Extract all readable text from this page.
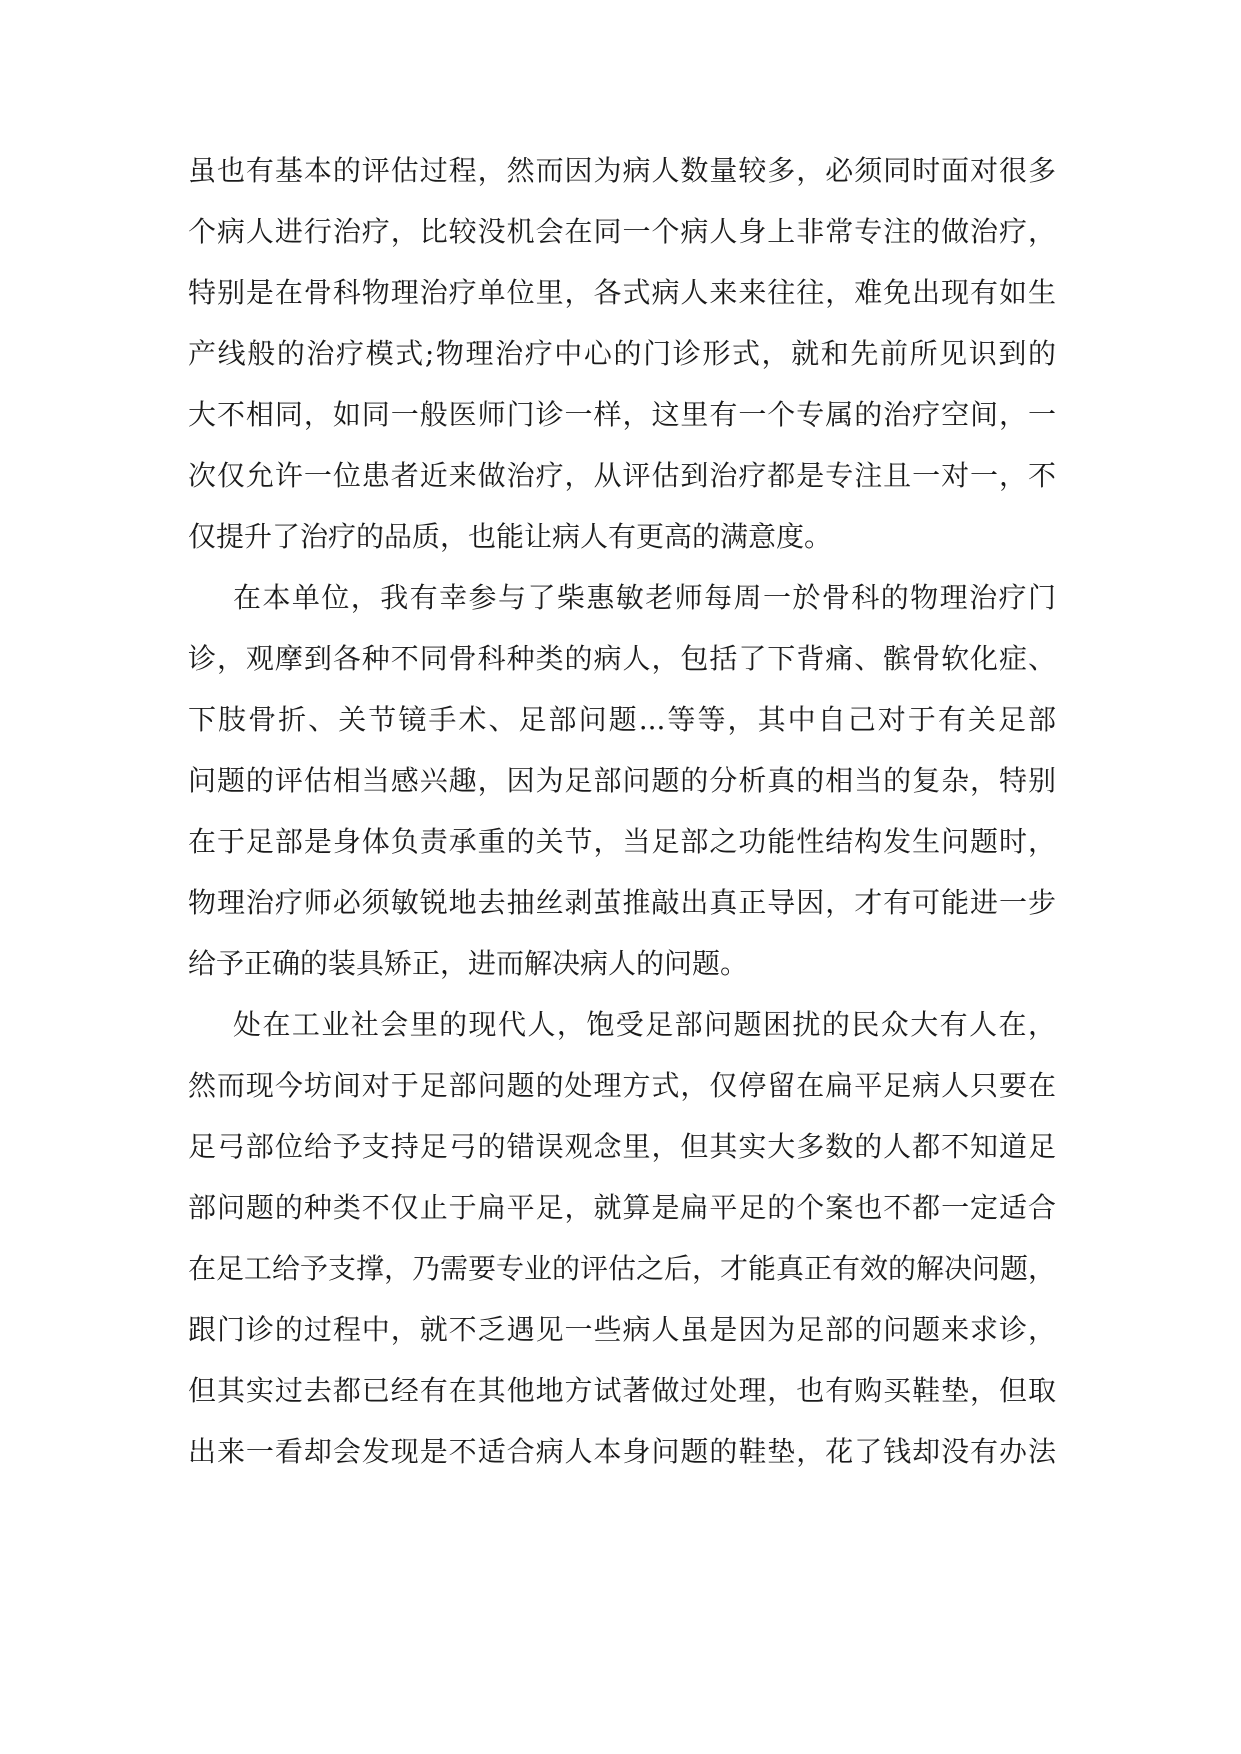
虽也有基本的评估过程，然而因为病人数量较多，必须同时面对很多
个病人进行治疗，比较没机会在同一个病人身上非常专注的做治疗，
特别是在骨科物理治疗单位里，各式病人来来往往，难免出现有如生
产线般的治疗模式;物理治疗中心的门诊形式，就和先前所见识到的
大不相同，如同一般医师门诊一样，这里有一个专属的治疗空间，一
次仅允许一位患者近来做治疗，从评估到治疗都是专注且一对一，不
仅提升了治疗的品质，也能让病人有更高的满意度。
在本单位，我有幸参与了柴惠敏老师每周一於骨科的物理治疗门
诊，观摩到各种不同骨科种类的病人，包括了下背痛、髌骨软化症、
下肢骨折、关节镜手术、足部问题...等等，其中自己对于有关足部
问题的评估相当感兴趣，因为足部问题的分析真的相当的复杂，特别
在于足部是身体负责承重的关节，当足部之功能性结构发生问题时，
物理治疗师必须敏锐地去抽丝剥茧推敲出真正导因，才有可能进一步
给予正确的装具矫正，进而解决病人的问题。
处在工业社会里的现代人，饱受足部问题困扰的民众大有人在，
然而现今坊间对于足部问题的处理方式，仅停留在扁平足病人只要在
足弓部位给予支持足弓的错误观念里，但其实大多数的人都不知道足
部问题的种类不仅止于扁平足，就算是扁平足的个案也不都一定适合
在足工给予支撑，乃需要专业的评估之后，才能真正有效的解决问题，
跟门诊的过程中，就不乏遇见一些病人虽是因为足部的问题来求诊，
但其实过去都已经有在其他地方试著做过处理，也有购买鞋垫，但取
出来一看却会发现是不适合病人本身问题的鞋垫，花了钱却没有办法
